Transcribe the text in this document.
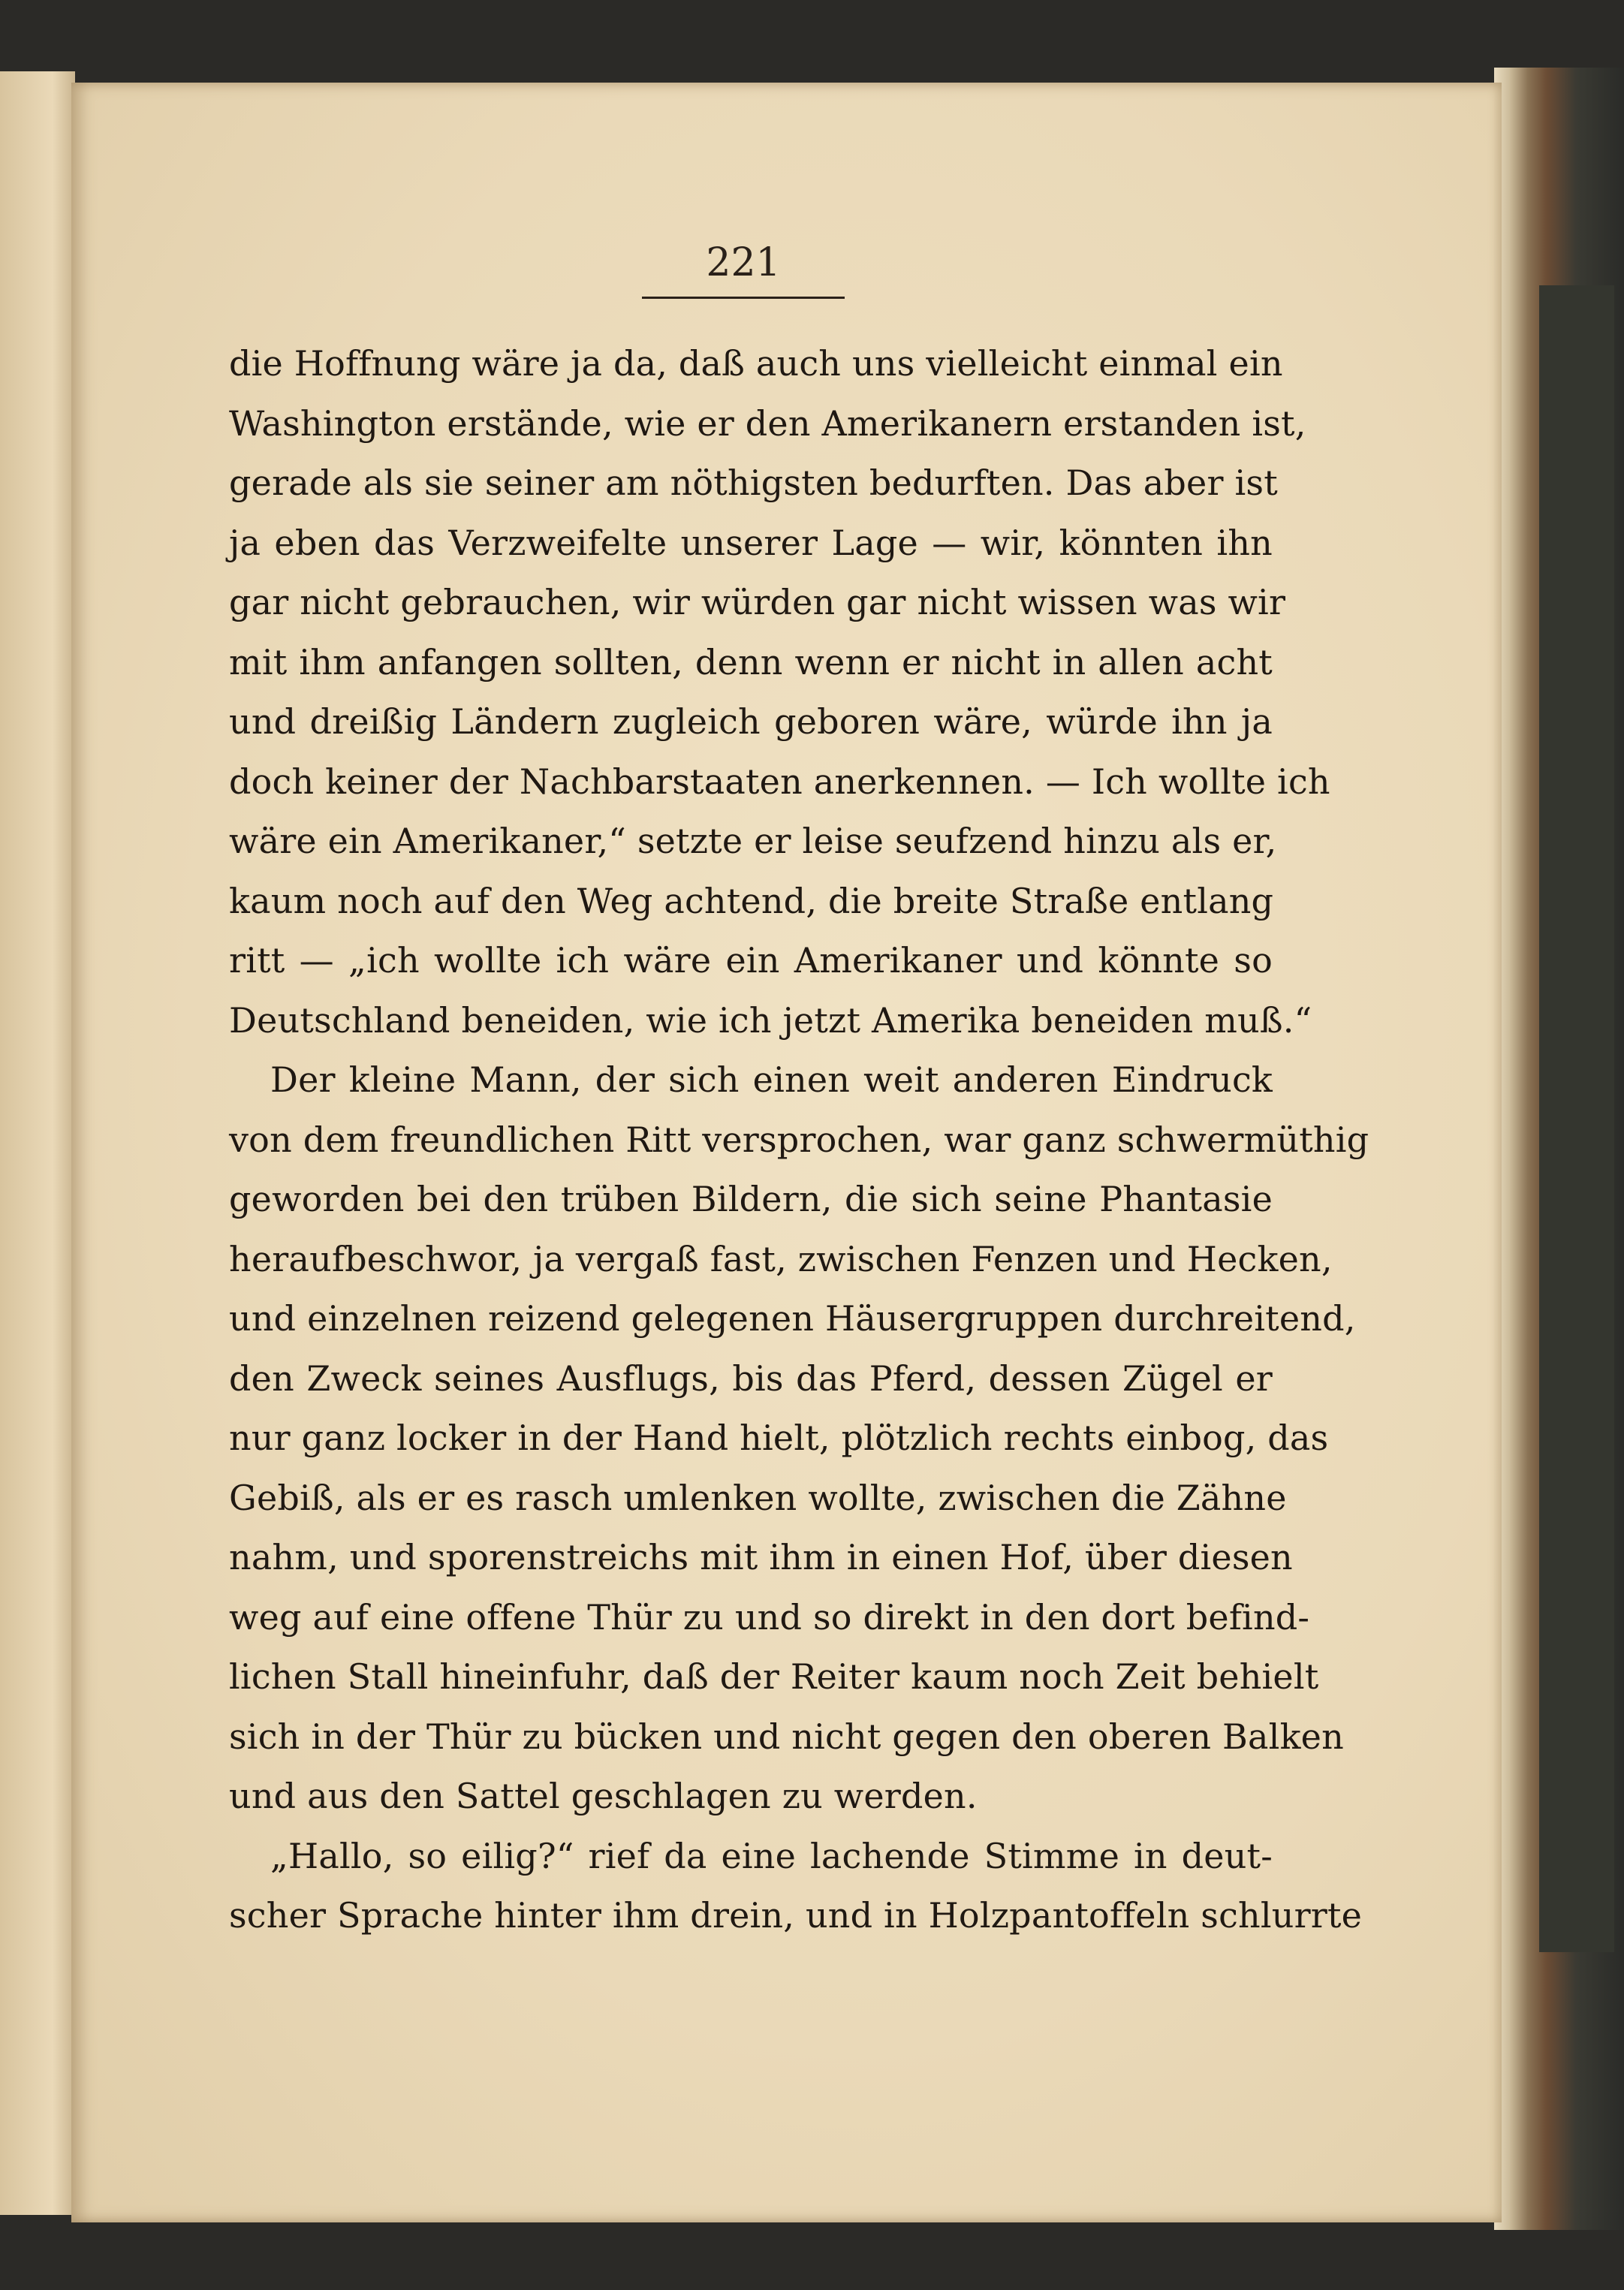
221
die Hoffnung wäre ja da, daß auch uns vielleicht einmal ein
Washington erstände, wie er den Amerikanern erstanden ist,
gerade als sie seiner am nöthigsten bedurften. Das aber ist
ja eben das Verzweifelte unserer Lage — wir, könnten ihn
gar nicht gebrauchen, wir würden gar nicht wissen was wir
mit ihm anfangen sollten, denn wenn er nicht in allen acht
und dreißig Ländern zugleich geboren wäre, würde ihn ja
doch keiner der Nachbarstaaten anerkennen. — Ich wollte ich
wäre ein Amerikaner,“ setzte er leise seufzend hinzu als er,
kaum noch auf den Weg achtend, die breite Straße entlang
ritt — „ich wollte ich wäre ein Amerikaner und könnte so
Deutschland beneiden, wie ich jetzt Amerika beneiden muß.“
Der kleine Mann, der sich einen weit anderen Eindruck
von dem freundlichen Ritt versprochen, war ganz schwermüthig
geworden bei den trüben Bildern, die sich seine Phantasie
heraufbeschwor, ja vergaß fast, zwischen Fenzen und Hecken,
und einzelnen reizend gelegenen Häusergruppen durchreitend,
den Zweck seines Ausflugs, bis das Pferd, dessen Zügel er
nur ganz locker in der Hand hielt, plötzlich rechts einbog, das
Gebiß, als er es rasch umlenken wollte, zwischen die Zähne
nahm, und sporenstreichs mit ihm in einen Hof, über diesen
weg auf eine offene Thür zu und so direkt in den dort befind-
lichen Stall hineinfuhr, daß der Reiter kaum noch Zeit behielt
sich in der Thür zu bücken und nicht gegen den oberen Balken
und aus den Sattel geschlagen zu werden.
„Hallo, so eilig?“ rief da eine lachende Stimme in deut-
scher Sprache hinter ihm drein, und in Holzpantoffeln schlurrte
